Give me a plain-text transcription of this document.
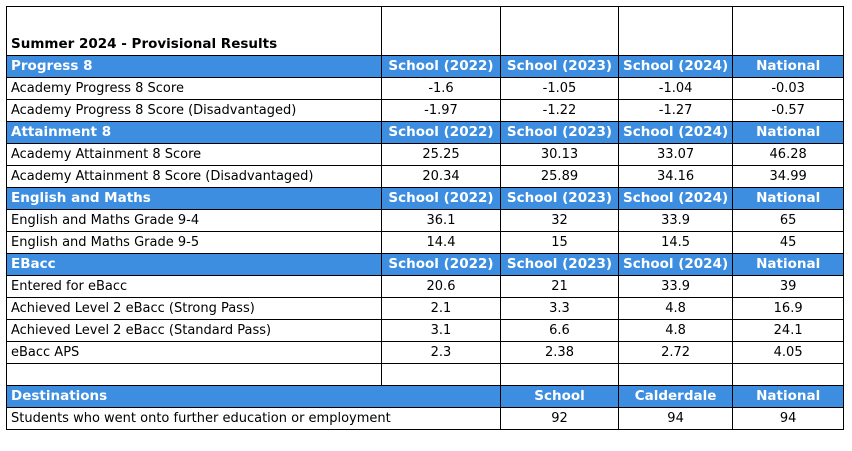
Summer 2024 - Provisional Results				
Progress 8	School (2022)	School (2023)	School (2024)	National
Academy Progress 8 Score	-1.6	-1.05	-1.04	-0.03
Academy Progress 8 Score (Disadvantaged)	-1.97	-1.22	-1.27	-0.57
Attainment 8	School (2022)	School (2023)	School (2024)	National
Academy Attainment 8 Score	25.25	30.13	33.07	46.28
Academy Attainment 8 Score (Disadvantaged)	20.34	25.89	34.16	34.99
English and Maths	School (2022)	School (2023)	School (2024)	National
English and Maths Grade 9-4	36.1	32	33.9	65
English and Maths Grade 9-5	14.4	15	14.5	45
EBacc	School (2022)	School (2023)	School (2024)	National
Entered for eBacc	20.6	21	33.9	39
Achieved Level 2 eBacc (Strong Pass)	2.1	3.3	4.8	16.9
Achieved Level 2 eBacc (Standard Pass)	3.1	6.6	4.8	24.1
eBacc APS	2.3	2.38	2.72	4.05

Destinations		School	Calderdale	National
Students who went onto further education or employment		92	94	94
